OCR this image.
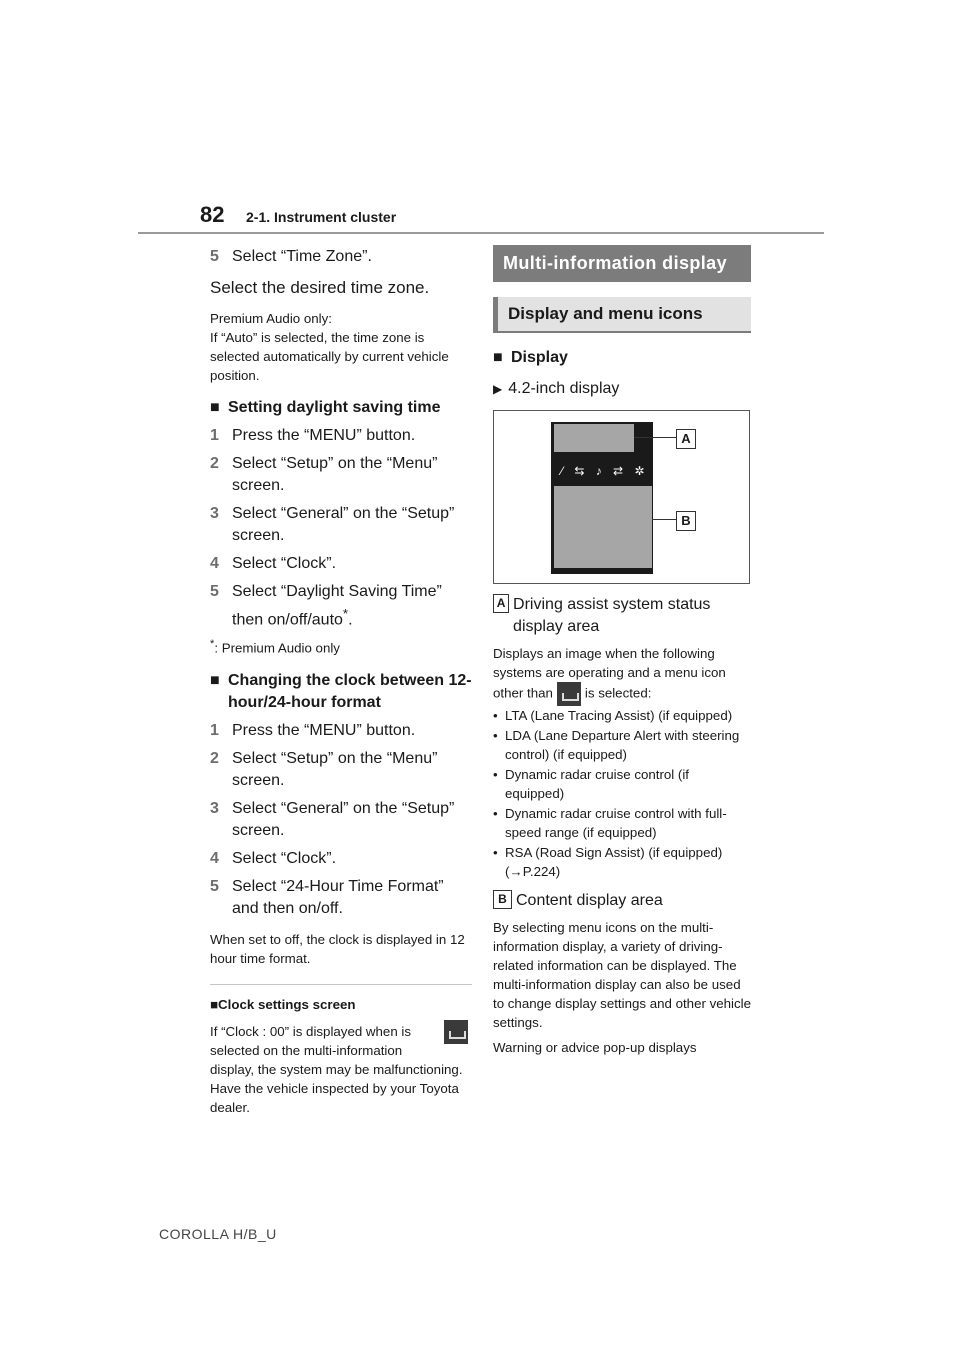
82 2-1. Instrument cluster
5 Select “Time Zone”.
Select the desired time zone.
Premium Audio only:
If “Auto” is selected, the time zone is selected automatically by current vehicle position.
■ Setting daylight saving time
1 Press the “MENU” button.
2 Select “Setup” on the “Menu” screen.
3 Select “General” on the “Setup” screen.
4 Select “Clock”.
5 Select “Daylight Saving Time” then on/off/auto*.
*: Premium Audio only
■ Changing the clock between 12-hour/24-hour format
1 Press the “MENU” button.
2 Select “Setup” on the “Menu” screen.
3 Select “General” on the “Setup” screen.
4 Select “Clock”.
5 Select “24-Hour Time Format” and then on/off.
When set to off, the clock is displayed in 12 hour time format.
■Clock settings screen
If “Clock : 00” is displayed when is selected on the multi-information display, the system may be malfunctioning. Have the vehicle inspected by your Toyota dealer.
Multi-information display
Display and menu icons
■ Display
▶ 4.2-inch display
⁄ ⇆ ♪ ⇄ ✲ ⚠
A
B
A Driving assist system status display area
Displays an image when the following systems are operating and a menu icon other than is selected:
• LTA (Lane Tracing Assist) (if equipped)
• LDA (Lane Departure Alert with steering control) (if equipped)
• Dynamic radar cruise control (if equipped)
• Dynamic radar cruise control with full-speed range (if equipped)
• RSA (Road Sign Assist) (if equipped) (→P.224)
B Content display area
By selecting menu icons on the multi-information display, a variety of driving-related information can be displayed. The multi-information display can also be used to change display settings and other vehicle settings.
Warning or advice pop-up displays
COROLLA H/B_U
